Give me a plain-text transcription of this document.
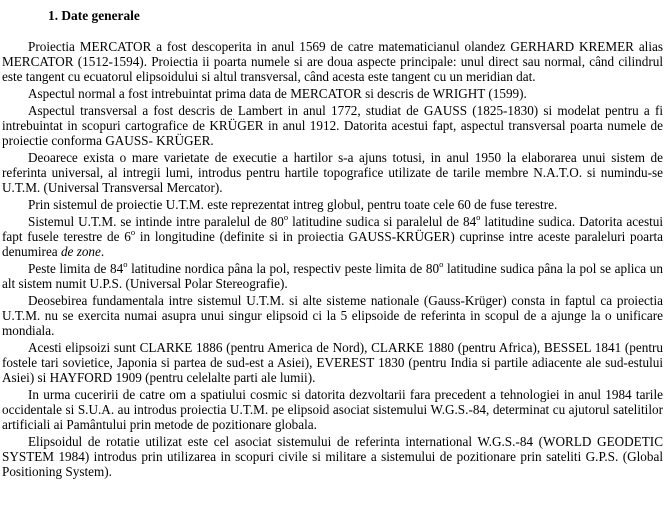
1. Date generale

Proiectia MERCATOR a fost descoperita in anul 1569 de catre matematicianul olandez GERHARD KREMER alias MERCATOR (1512-1594). Proiectia ii poarta numele si are doua aspecte principale: unul direct sau normal, când cilindrul este tangent cu ecuatorul elipsoidului si altul transversal, când acesta este tangent cu un meridian dat.

Aspectul normal a fost intrebuintat prima data de MERCATOR si descris de WRIGHT (1599).

Aspectul transversal a fost descris de Lambert in anul 1772, studiat de GAUSS (1825-1830) si modelat pentru a fi intrebuintat in scopuri cartografice de KRÜGER in anul 1912. Datorita acestui fapt, aspectul transversal poarta numele de proiectie conforma GAUSS- KRÜGER.

Deoarece exista o mare varietate de executie a hartilor s-a ajuns totusi, in anul 1950 la elaborarea unui sistem de referinta universal, al intregii lumi, introdus pentru hartile topografice utilizate de tarile membre N.A.T.O. si numindu-se U.T.M. (Universal Transversal Mercator).

Prin sistemul de proiectie U.T.M. este reprezentat intreg globul, pentru toate cele 60 de fuse terestre.

Sistemul U.T.M. se intinde intre paralelul de 80$^o$ latitudine sudica si paralelul de 84$^o$ latitudine sudica. Datorita acestui fapt fusele terestre de 6$^o$ in longitudine (definite si in proiectia GAUSS-KRÜGER) cuprinse intre aceste paraleluri poarta denumirea de zone.

Peste limita de 84$^o$ latitudine nordica pâna la pol, respectiv peste limita de 80$^o$ latitudine sudica pâna la pol se aplica un alt sistem numit U.P.S. (Universal Polar Stereografie).

Deosebirea fundamentala intre sistemul U.T.M. si alte sisteme nationale (Gauss-Krüger) consta in faptul ca proiectia U.T.M. nu se exercita numai asupra unui singur elipsoid ci la 5 elipsoide de referinta in scopul de a ajunge la o unificare mondiala.

Acesti elipsoizi sunt CLARKE 1886 (pentru America de Nord), CLARKE 1880 (pentru Africa), BESSEL 1841 (pentru fostele tari sovietice, Japonia si partea de sud-est a Asiei), EVEREST 1830 (pentru India si partile adiacente ale sud-estului Asiei) si HAYFORD 1909 (pentru celelalte parti ale lumii).

In urma cuceririi de catre om a spatiului cosmic si datorita dezvoltarii fara precedent a tehnologiei in anul 1984 tarile occidentale si S.U.A. au introdus proiectia U.T.M. pe elipsoid asociat sistemului W.G.S.-84, determinat cu ajutorul satelitilor artificiali ai Pamântului prin metode de pozitionare globala.

Elipsoidul de rotatie utilizat este cel asociat sistemului de referinta international W.G.S.-84 (WORLD GEODETIC SYSTEM 1984) introdus prin utilizarea in scopuri civile si militare a sistemului de pozitionare prin sateliti G.P.S. (Global Positioning System).
